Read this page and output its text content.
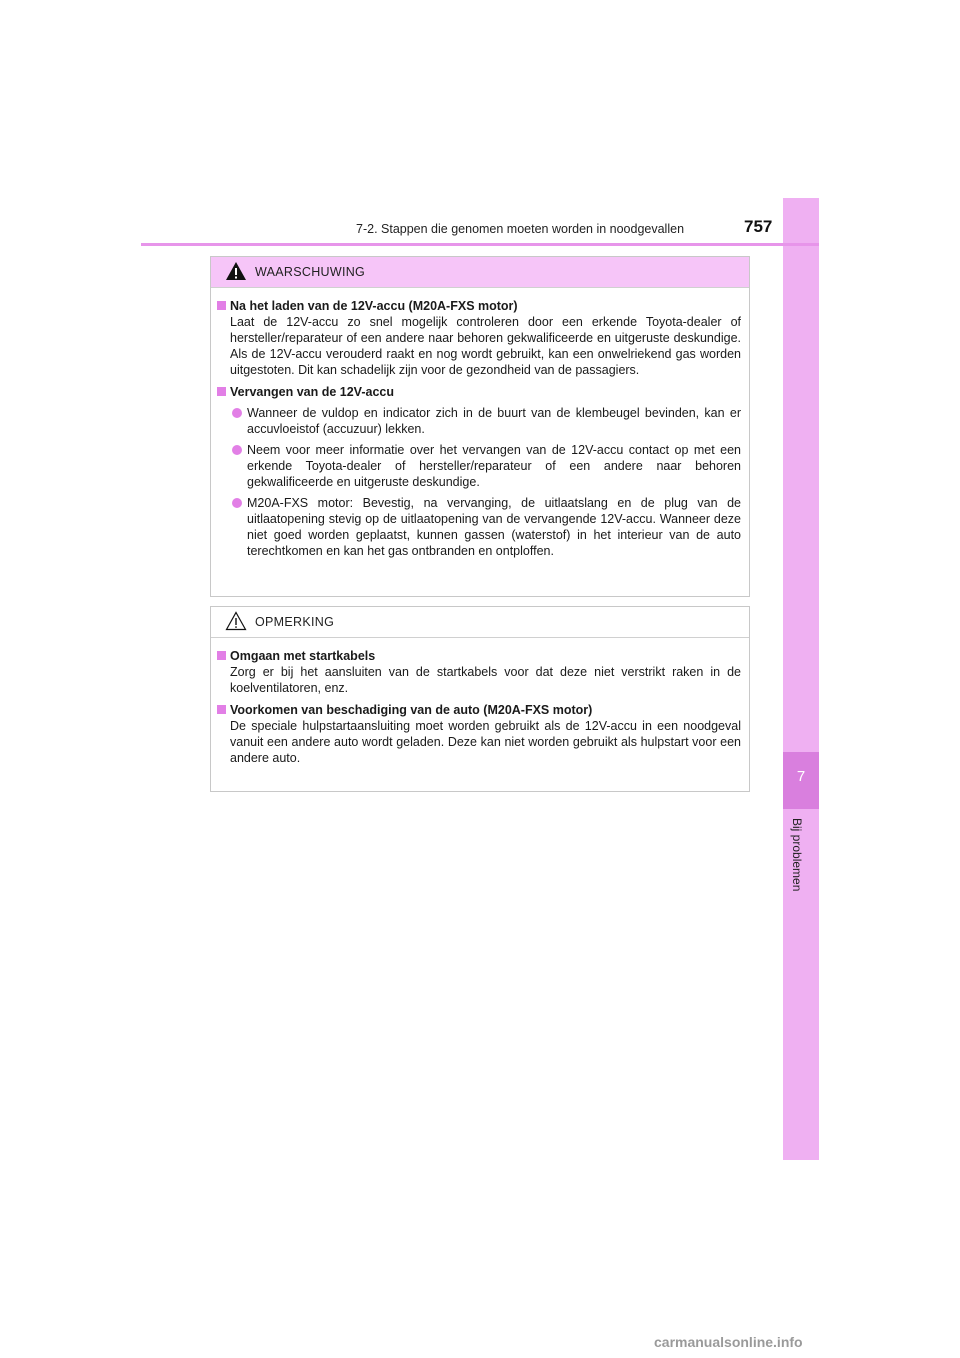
7
Bij problemen
7-2. Stappen die genomen moeten worden in noodgevallen	757
WAARSCHUWING
Na het laden van de 12V-accu (M20A-FXS motor)
Laat de 12V-accu zo snel mogelijk controleren door een erkende Toyota-dealer of hersteller/reparateur of een andere naar behoren gekwalificeerde en uitgeruste deskundige. Als de 12V-accu verouderd raakt en nog wordt gebruikt, kan een onwelriekend gas worden uitgestoten. Dit kan schadelijk zijn voor de gezondheid van de passagiers.
Vervangen van de 12V-accu
Wanneer de vuldop en indicator zich in de buurt van de klembeugel bevinden, kan er accuvloeistof (accuzuur) lekken.
Neem voor meer informatie over het vervangen van de 12V-accu contact op met een erkende Toyota-dealer of hersteller/reparateur of een andere naar behoren gekwalificeerde en uitgeruste deskundige.
M20A-FXS motor: Bevestig, na vervanging, de uitlaatslang en de plug van de uitlaatopening stevig op de uitlaatopening van de vervangende 12V-accu. Wanneer deze niet goed worden geplaatst, kunnen gassen (waterstof) in het interieur van de auto terechtkomen en kan het gas ontbranden en ontploffen.
OPMERKING
Omgaan met startkabels
Zorg er bij het aansluiten van de startkabels voor dat deze niet verstrikt raken in de koelventilatoren, enz.
Voorkomen van beschadiging van de auto (M20A-FXS motor)
De speciale hulpstartaansluiting moet worden gebruikt als de 12V-accu in een noodgeval vanuit een andere auto wordt geladen. Deze kan niet worden gebruikt als hulpstart voor een andere auto.
carmanualsonline.info
